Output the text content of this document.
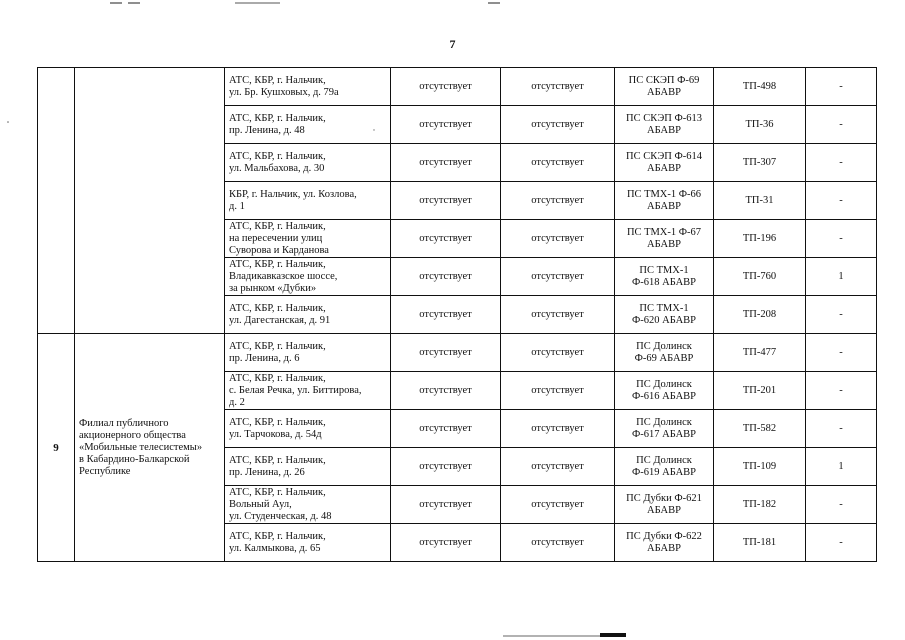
7
		АТС, КБР, г. Нальчик,
ул. Бр. Кушховых, д. 79а	отсутствует	отсутствует	ПС СКЭП Ф-69
АБАВР	ТП-498	-
		АТС, КБР, г. Нальчик,
пр. Ленина, д. 48	отсутствует	отсутствует	ПС СКЭП Ф-613
АБАВР	ТП-36	-
		АТС, КБР, г. Нальчик,
ул. Мальбахова, д. 30	отсутствует	отсутствует	ПС СКЭП Ф-614
АБАВР	ТП-307	-
		КБР, г. Нальчик, ул. Козлова,
д. 1	отсутствует	отсутствует	ПС ТМХ-1 Ф-66
АБАВР	ТП-31	-
		АТС, КБР, г. Нальчик,
на пересечении улиц
Суворова и Карданова	отсутствует	отсутствует	ПС ТМХ-1 Ф-67
АБАВР	ТП-196	-
		АТС, КБР, г. Нальчик,
Владикавказское шоссе,
за рынком «Дубки»	отсутствует	отсутствует	ПС ТМХ-1
Ф-618 АБАВР	ТП-760	1
		АТС, КБР, г. Нальчик,
ул. Дагестанская, д. 91	отсутствует	отсутствует	ПС ТМХ-1
Ф-620 АБАВР	ТП-208	-
9	Филиал публичного
акционерного общества
«Мобильные телесистемы»
в Кабардино-Балкарской
Республике	АТС, КБР, г. Нальчик,
пр. Ленина, д. 6	отсутствует	отсутствует	ПС Долинск
Ф-69 АБАВР	ТП-477	-
		АТС, КБР, г. Нальчик,
с. Белая Речка, ул. Биттирова,
д. 2	отсутствует	отсутствует	ПС Долинск
Ф-616 АБАВР	ТП-201	-
		АТС, КБР, г. Нальчик,
ул. Тарчокова, д. 54д	отсутствует	отсутствует	ПС Долинск
Ф-617 АБАВР	ТП-582	-
		АТС, КБР, г. Нальчик,
пр. Ленина, д. 26	отсутствует	отсутствует	ПС Долинск
Ф-619 АБАВР	ТП-109	1
		АТС, КБР, г. Нальчик,
Вольный Аул,
ул. Студенческая, д. 48	отсутствует	отсутствует	ПС Дубки Ф-621
АБАВР	ТП-182	-
		АТС, КБР, г. Нальчик,
ул. Калмыкова, д. 65	отсутствует	отсутствует	ПС Дубки Ф-622
АБАВР	ТП-181	-
